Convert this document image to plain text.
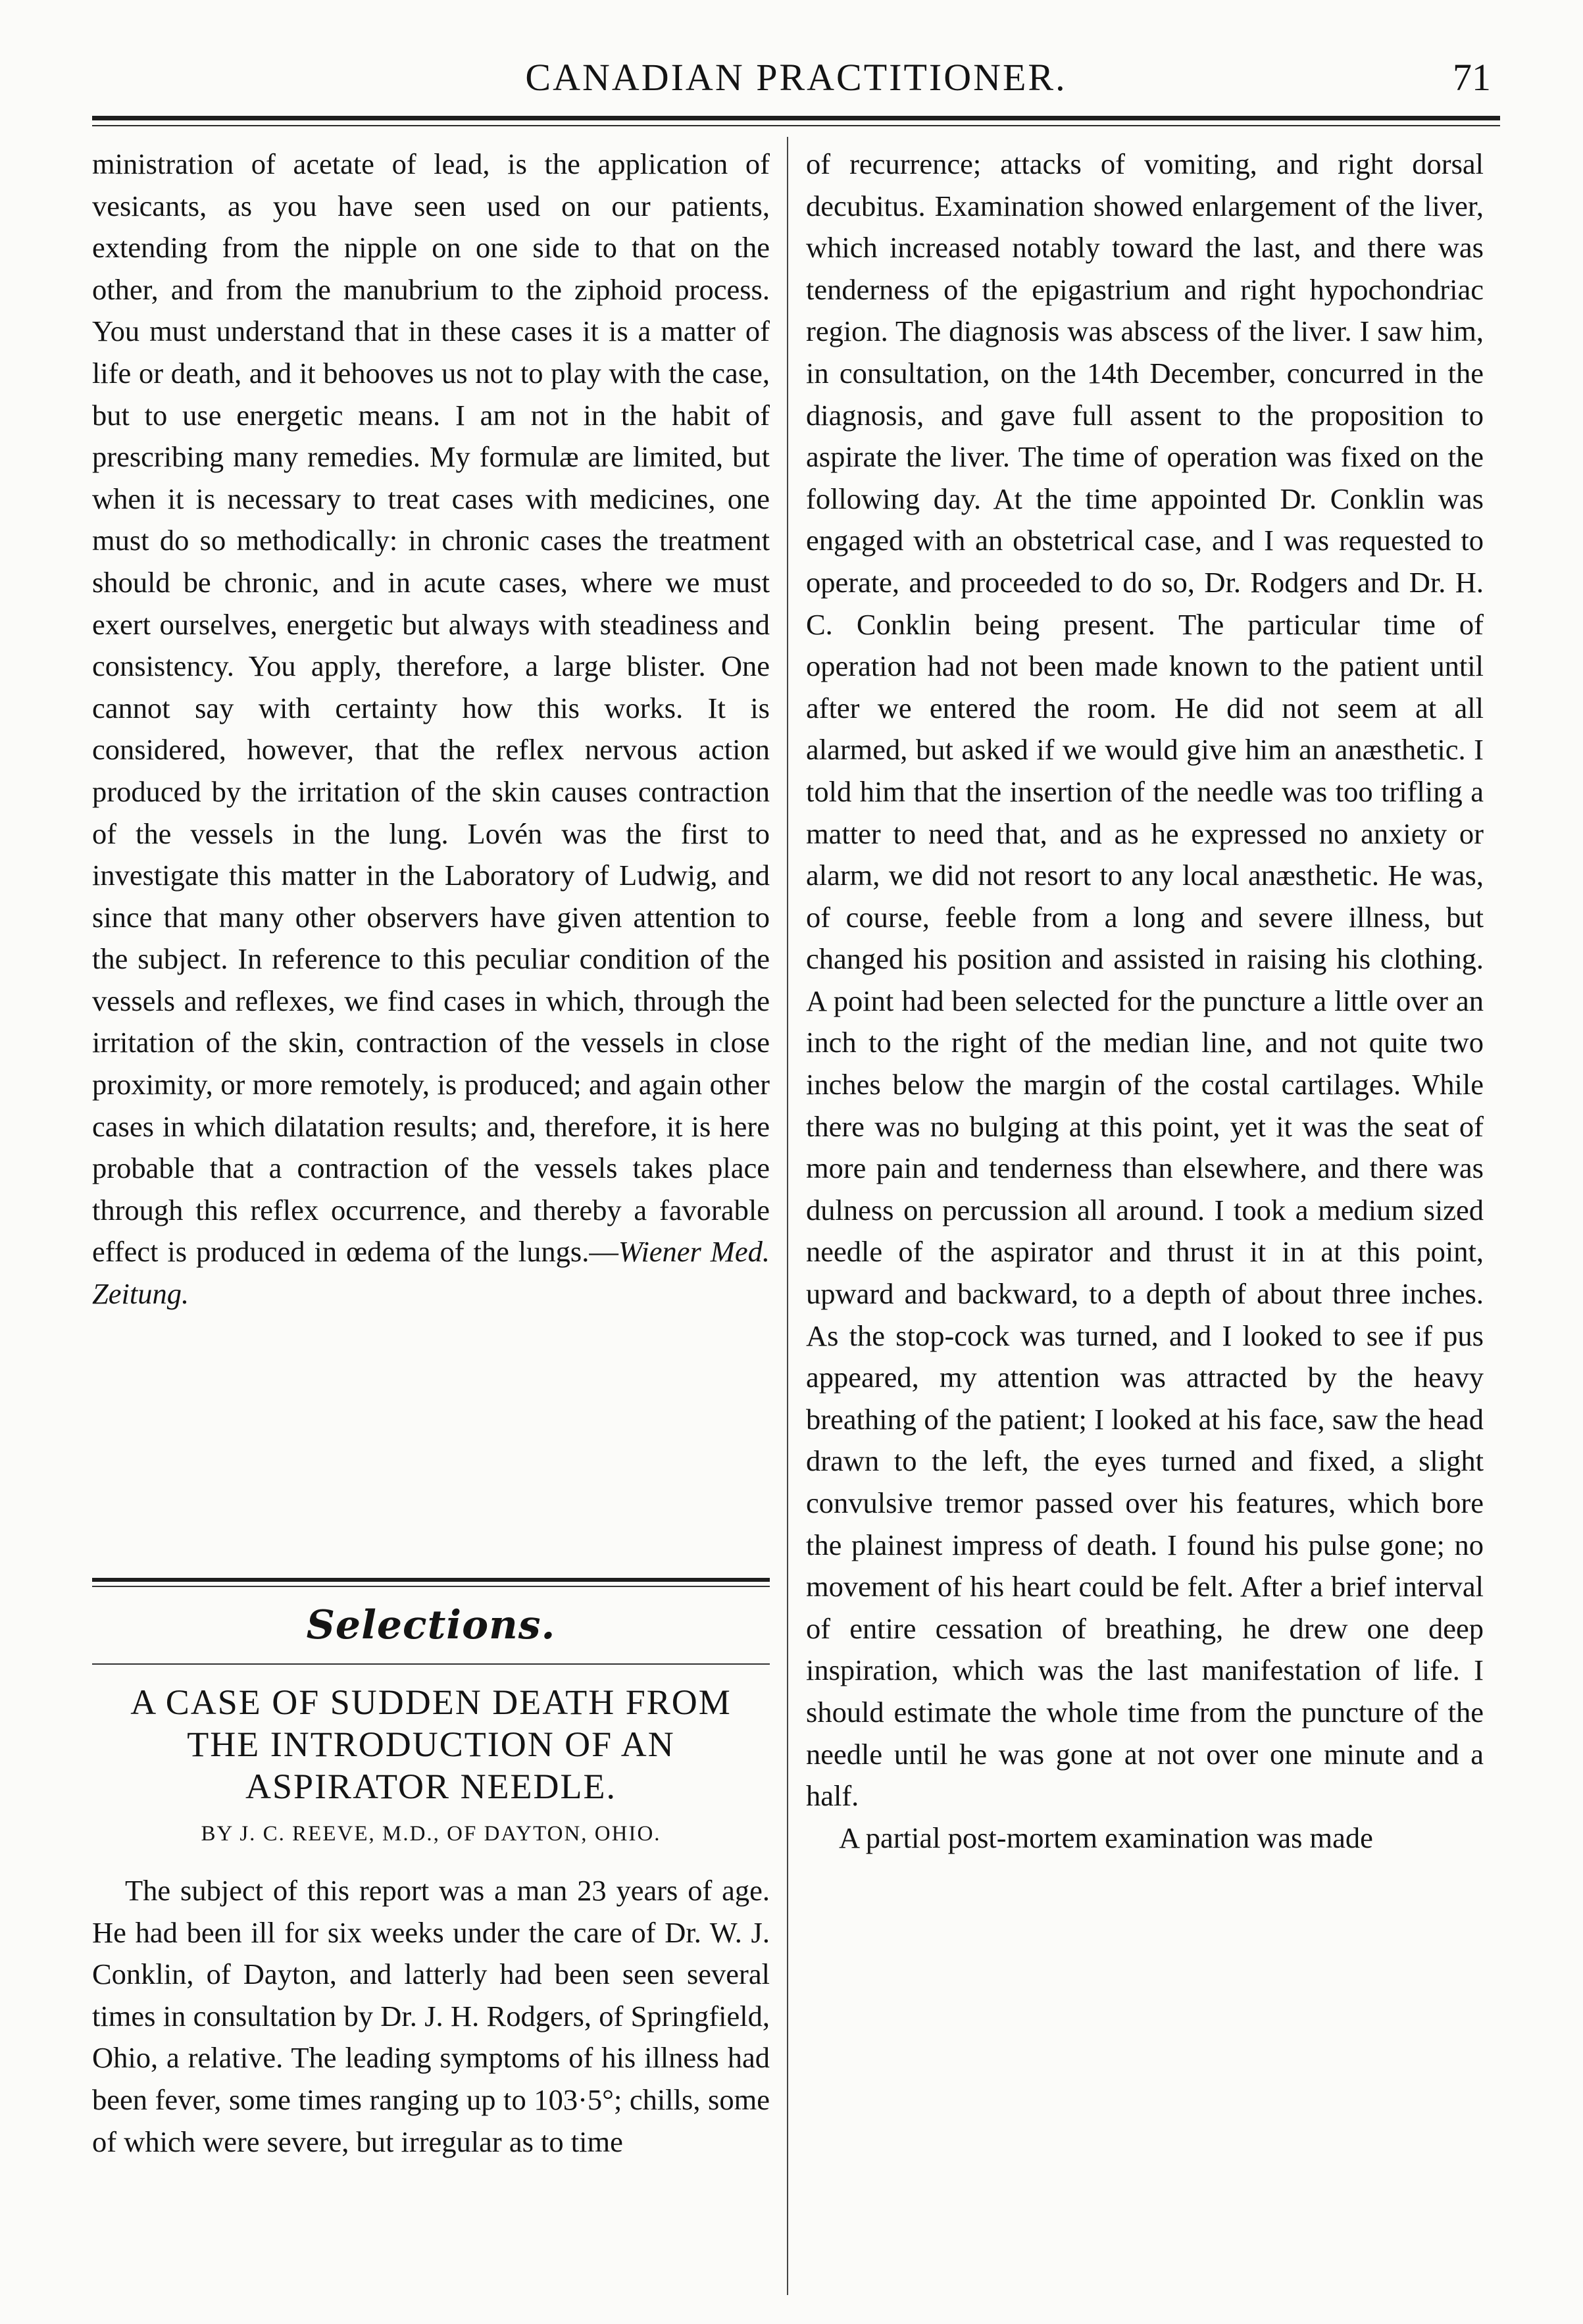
CANADIAN PRACTITIONER.	71

ministration of acetate of lead, is the application of vesicants, as you have seen used on our patients, extending from the nipple on one side to that on the other, and from the manubrium to the ziphoid process. You must understand that in these cases it is a matter of life or death, and it behooves us not to play with the case, but to use energetic means. I am not in the habit of prescribing many remedies. My formulæ are limited, but when it is necessary to treat cases with medicines, one must do so methodically: in chronic cases the treatment should be chronic, and in acute cases, where we must exert ourselves, energetic but always with steadiness and consistency. You apply, therefore, a large blister. One cannot say with certainty how this works. It is considered, however, that the reflex nervous action produced by the irritation of the skin causes contraction of the vessels in the lung. Lovén was the first to investigate this matter in the Laboratory of Ludwig, and since that many other observers have given attention to the subject. In reference to this peculiar condition of the vessels and reflexes, we find cases in which, through the irritation of the skin, contraction of the vessels in close proximity, or more remotely, is produced; and again other cases in which dilatation results; and, therefore, it is here probable that a contraction of the vessels takes place through this reflex occurrence, and thereby a favorable effect is produced in œdema of the lungs.—Wiener Med. Zeitung.

Selections.
A CASE OF SUDDEN DEATH FROM THE INTRODUCTION OF AN ASPIRATOR NEEDLE.
BY J. C. REEVE, M.D., OF DAYTON, OHIO.

The subject of this report was a man 23 years of age. He had been ill for six weeks under the care of Dr. W. J. Conklin, of Dayton, and latterly had been seen several times in consultation by Dr. J. H. Rodgers, of Springfield, Ohio, a relative. The leading symptoms of his illness had been fever, some times ranging up to 103·5°; chills, some of which were severe, but irregular as to time

of recurrence; attacks of vomiting, and right dorsal decubitus. Examination showed enlargement of the liver, which increased notably toward the last, and there was tenderness of the epigastrium and right hypochondriac region. The diagnosis was abscess of the liver. I saw him, in consultation, on the 14th December, concurred in the diagnosis, and gave full assent to the proposition to aspirate the liver. The time of operation was fixed on the following day. At the time appointed Dr. Conklin was engaged with an obstetrical case, and I was requested to operate, and proceeded to do so, Dr. Rodgers and Dr. H. C. Conklin being present. The particular time of operation had not been made known to the patient until after we entered the room. He did not seem at all alarmed, but asked if we would give him an anæsthetic. I told him that the insertion of the needle was too trifling a matter to need that, and as he expressed no anxiety or alarm, we did not resort to any local anæsthetic. He was, of course, feeble from a long and severe illness, but changed his position and assisted in raising his clothing. A point had been selected for the puncture a little over an inch to the right of the median line, and not quite two inches below the margin of the costal cartilages. While there was no bulging at this point, yet it was the seat of more pain and tenderness than elsewhere, and there was dulness on percussion all around. I took a medium sized needle of the aspirator and thrust it in at this point, upward and backward, to a depth of about three inches. As the stop-cock was turned, and I looked to see if pus appeared, my attention was attracted by the heavy breathing of the patient; I looked at his face, saw the head drawn to the left, the eyes turned and fixed, a slight convulsive tremor passed over his features, which bore the plainest impress of death. I found his pulse gone; no movement of his heart could be felt. After a brief interval of entire cessation of breathing, he drew one deep inspiration, which was the last manifestation of life. I should estimate the whole time from the puncture of the needle until he was gone at not over one minute and a half.

A partial post-mortem examination was made
